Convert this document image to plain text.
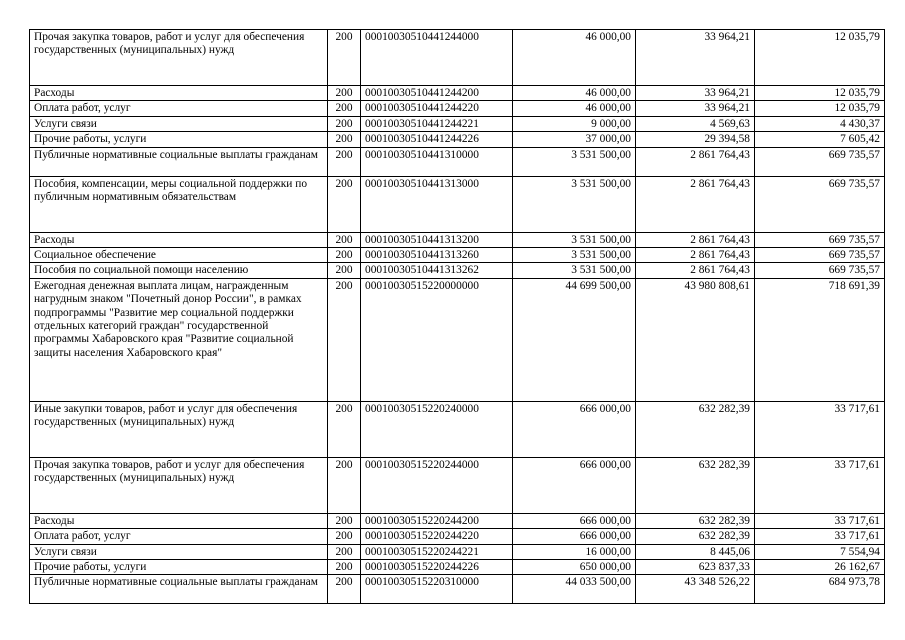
Прочая закупка товаров, работ и услуг для обеспечения государственных (муниципальных) нужд	200	00010030510441244000	46 000,00	33 964,21	12 035,79
Расходы	200	00010030510441244200	46 000,00	33 964,21	12 035,79
Оплата работ, услуг	200	00010030510441244220	46 000,00	33 964,21	12 035,79
Услуги связи	200	00010030510441244221	9 000,00	4 569,63	4 430,37
Прочие работы, услуги	200	00010030510441244226	37 000,00	29 394,58	7 605,42
Публичные нормативные социальные выплаты гражданам	200	00010030510441310000	3 531 500,00	2 861 764,43	669 735,57
Пособия, компенсации, меры социальной поддержки по публичным нормативным обязательствам	200	00010030510441313000	3 531 500,00	2 861 764,43	669 735,57
Расходы	200	00010030510441313200	3 531 500,00	2 861 764,43	669 735,57
Социальное обеспечение	200	00010030510441313260	3 531 500,00	2 861 764,43	669 735,57
Пособия по социальной помощи населению	200	00010030510441313262	3 531 500,00	2 861 764,43	669 735,57
Ежегодная денежная выплата лицам, награжденным нагрудным знаком "Почетный донор России", в рамках подпрограммы "Развитие мер социальной поддержки отдельных категорий граждан" государственной программы Хабаровского края "Развитие социальной защиты населения Хабаровского края"	200	00010030515220000000	44 699 500,00	43 980 808,61	718 691,39
Иные закупки товаров, работ и услуг для обеспечения государственных (муниципальных) нужд	200	00010030515220240000	666 000,00	632 282,39	33 717,61
Прочая закупка товаров, работ и услуг для обеспечения государственных (муниципальных) нужд	200	00010030515220244000	666 000,00	632 282,39	33 717,61
Расходы	200	00010030515220244200	666 000,00	632 282,39	33 717,61
Оплата работ, услуг	200	00010030515220244220	666 000,00	632 282,39	33 717,61
Услуги связи	200	00010030515220244221	16 000,00	8 445,06	7 554,94
Прочие работы, услуги	200	00010030515220244226	650 000,00	623 837,33	26 162,67
Публичные нормативные социальные выплаты гражданам	200	00010030515220310000	44 033 500,00	43 348 526,22	684 973,78
